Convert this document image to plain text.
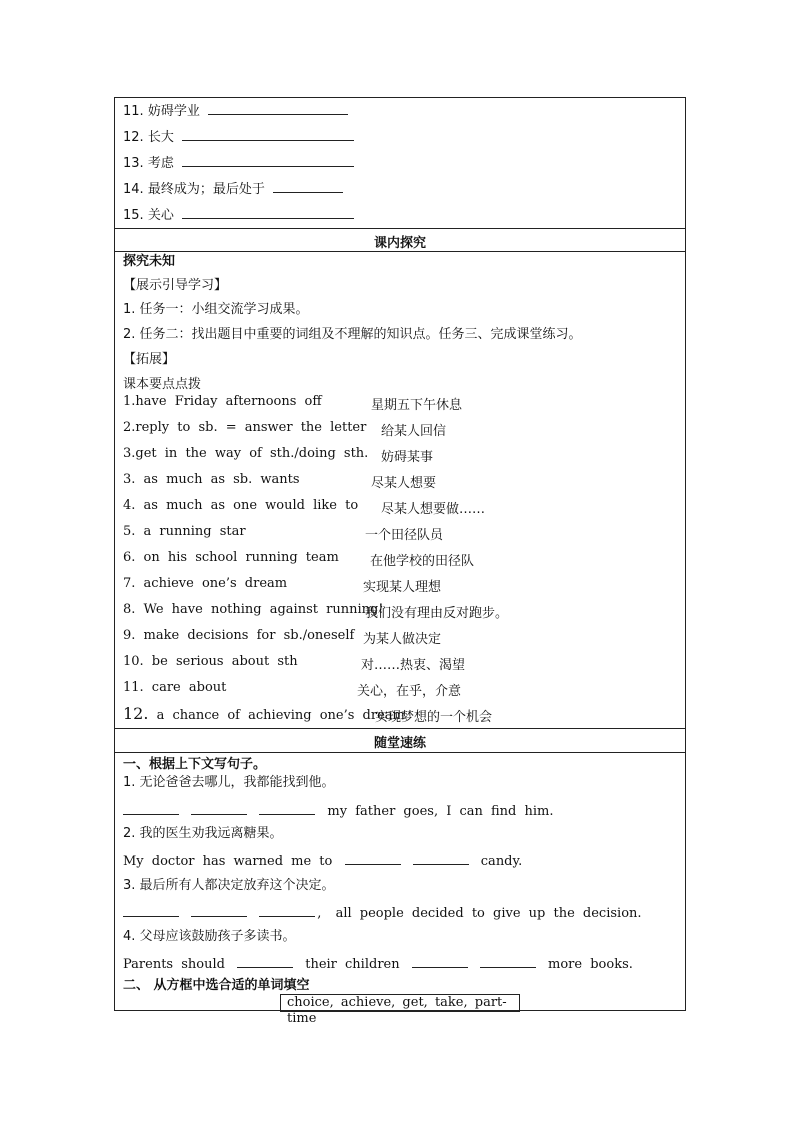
11. 妨碍学业
12. 长大
13. 考虑
14. 最终成为；最后处于
15. 关心
课内探究
探究未知
【展示引导学习】
1. 任务一：小组交流学习成果。
2. 任务二：找出题目中重要的词组及不理解的知识点。任务三、完成课堂练习。
【拓展】
课本要点点拨
1.have Friday afternoons off	星期五下午休息
2.reply to sb. = answer the letter 给某人回信
3.get in the way of sth./doing sth. 妨碍某事
3. as much as sb. wants	尽某人想要
4. as much as one would like to 尽某人想要做……
5. a running star	一个田径队员
6. on his school running team 在他学校的田径队
7. achieve one’s dream	实现某人理想
8. We have nothing against running!
我们没有理由反对跑步。
9. make decisions for sb./oneself 为某人做决定
10. be serious about sth	对……热衷、渴望
11. care about	关心，在乎，介意
12. a chance of achieving one’s dream
实现梦想的一个机会
随堂速练
一、根据上下文写句子。
1. 无论爸爸去哪儿，我都能找到他。
my father goes, I can find him.
2. 我的医生劝我远离糖果。
My doctor has warned me to	candy.
3. 最后所有人都决定放弃这个决定。
, all people decided to give up the decision.
4. 父母应该鼓励孩子多读书。
Parents should	their children	more books.
二、 从方框中选合适的单词填空
choice, achieve, get, take, part-time
